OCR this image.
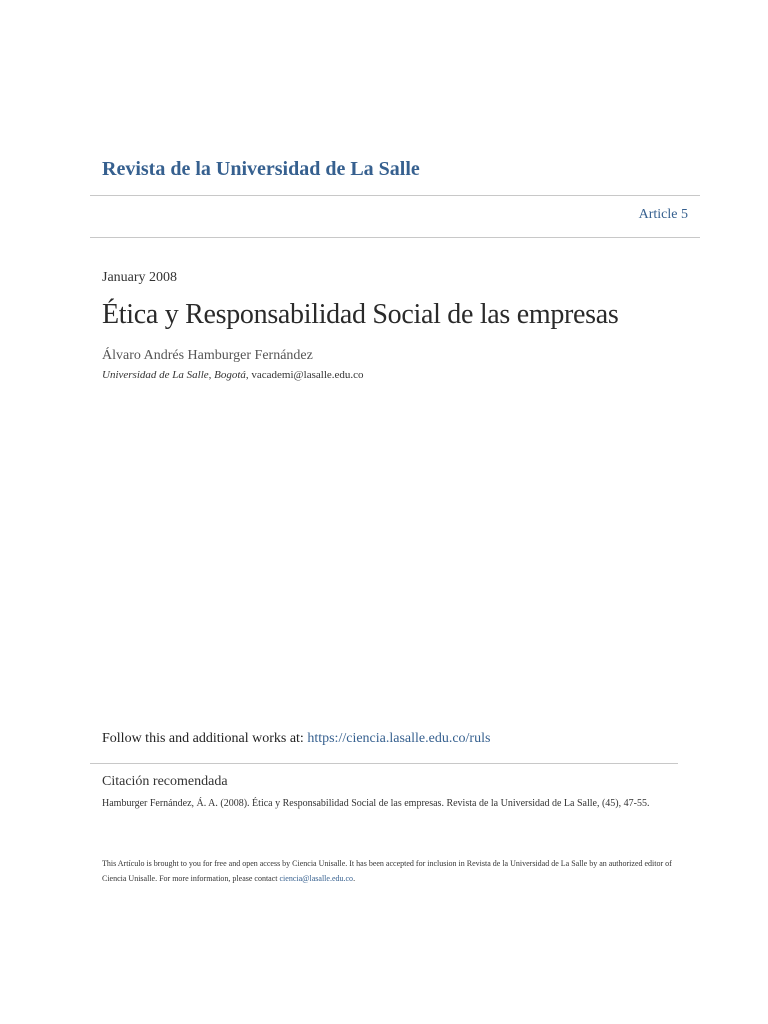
Revista de la Universidad de La Salle
Article 5
January 2008
Ética y Responsabilidad Social de las empresas
Álvaro Andrés Hamburger Fernández
Universidad de La Salle, Bogotá, vacademi@lasalle.edu.co
Follow this and additional works at: https://ciencia.lasalle.edu.co/ruls
Citación recomendada
Hamburger Fernández, Á. A. (2008). Ética y Responsabilidad Social de las empresas. Revista de la Universidad de La Salle, (45), 47-55.
This Artículo is brought to you for free and open access by Ciencia Unisalle. It has been accepted for inclusion in Revista de la Universidad de La Salle by an authorized editor of Ciencia Unisalle. For more information, please contact ciencia@lasalle.edu.co.
